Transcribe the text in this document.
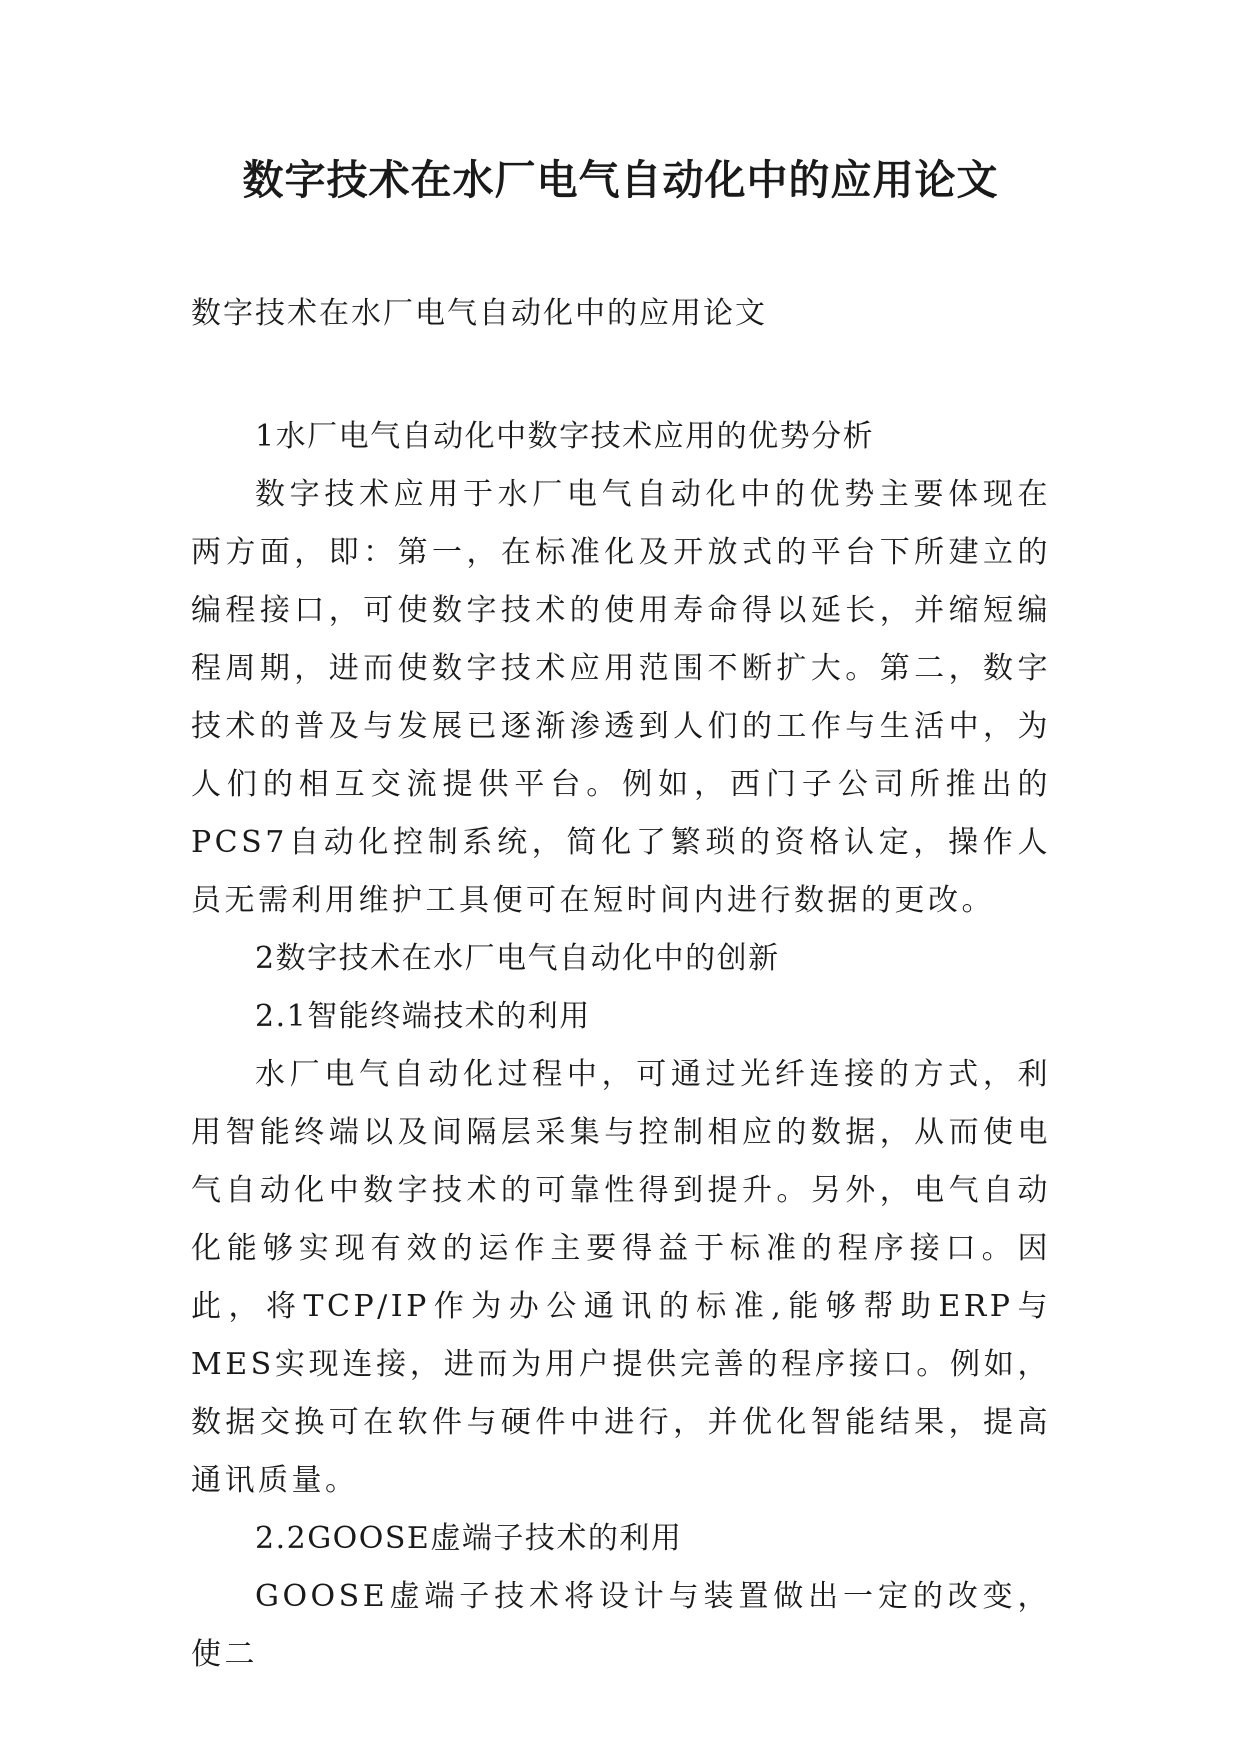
数字技术在水厂电气自动化中的应用论文

数字技术在水厂电气自动化中的应用论文

1水厂电气自动化中数字技术应用的优势分析

数字技术应用于水厂电气自动化中的优势主要体现在两方面，即：第一，在标准化及开放式的平台下所建立的编程接口，可使数字技术的使用寿命得以延长，并缩短编程周期，进而使数字技术应用范围不断扩大。第二，数字技术的普及与发展已逐渐渗透到人们的工作与生活中，为人们的相互交流提供平台。例如，西门子公司所推出的PCS7自动化控制系统，简化了繁琐的资格认定，操作人员无需利用维护工具便可在短时间内进行数据的更改。

2数字技术在水厂电气自动化中的创新

2.1智能终端技术的利用

水厂电气自动化过程中，可通过光纤连接的方式，利用智能终端以及间隔层采集与控制相应的数据，从而使电气自动化中数字技术的可靠性得到提升。另外，电气自动化能够实现有效的运作主要得益于标准的程序接口。因此，将TCP/IP作为办公通讯的标准,能够帮助ERP与MES实现连接，进而为用户提供完善的程序接口。例如，数据交换可在软件与硬件中进行，并优化智能结果，提高通讯质量。

2.2GOOSE虚端子技术的利用

GOOSE虚端子技术将设计与装置做出一定的改变，使二
